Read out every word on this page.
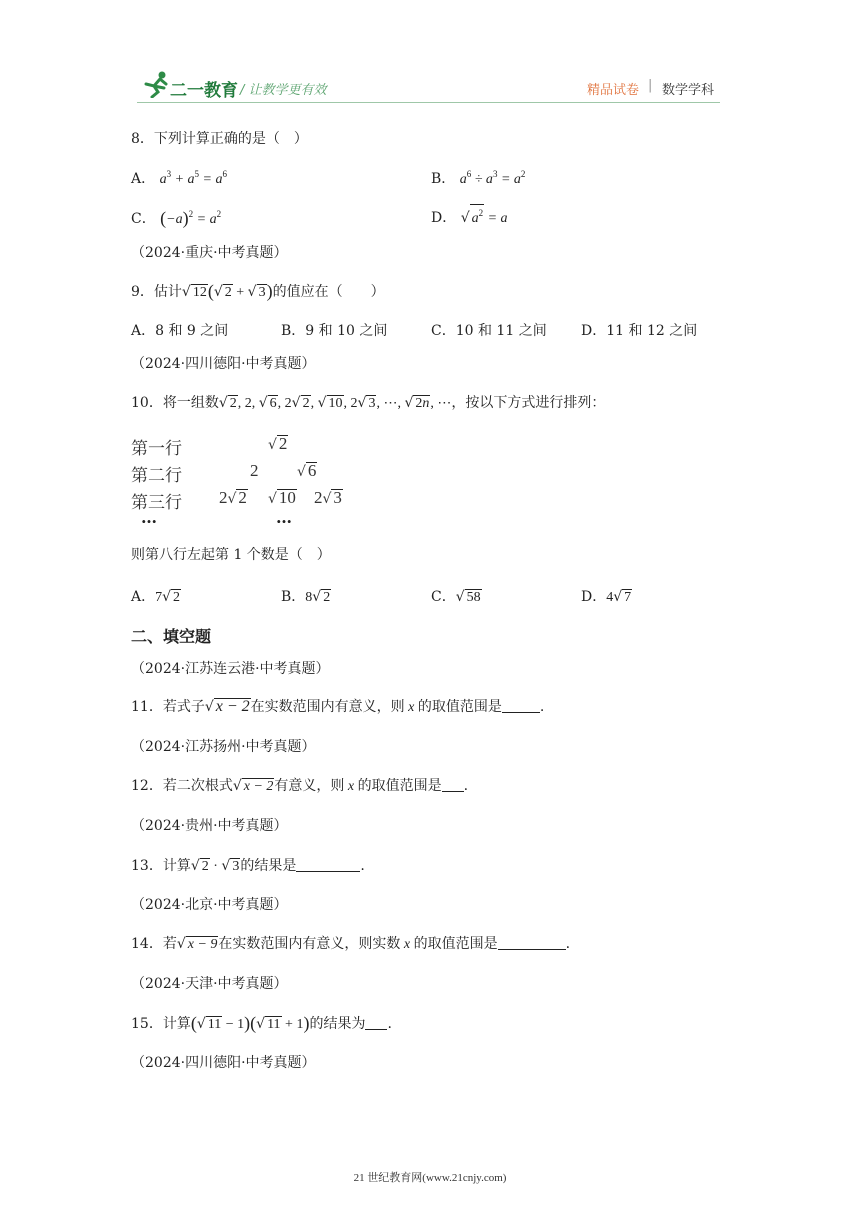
二一教育 / 让教学更有效	精品试卷 | 数学学科
8．下列计算正确的是（　）
A． $a^3 + a^5 = a^6$	B． $a^6 \div a^3 = a^2$
C． $(-a)^2 = a^2$	D． √ $a^2 = a$
（2024·重庆·中考真题）
9．估计√ 12(√ 2 + √ 3)的值应在（　　）
A．8 和 9 之间	B．9 和 10 之间	C．10 和 11 之间 D．11 和 12 之间
（2024·四川德阳·中考真题）
10．将一组数√ 2, 2, √ 6, 2√ 2, √ 10, 2√ 3, ⋯, √ 2n, ⋯，按以下方式进行排列：
第一行	√ 2
第二行	2	√ 6
第三行 2√ 2 √ 10 2√ 3
…	…
则第八行左起第 1 个数是（　）
A．7√ 2	B．8√ 2	C．√ 58	D．4√ 7
二、填空题
（2024·江苏连云港·中考真题）
11．若式子√ x − 2在实数范围内有意义，则 x 的取值范围是	.
（2024·江苏扬州·中考真题）
12．若二次根式√ x − 2有意义，则 x 的取值范围是 .
（2024·贵州·中考真题）
13．计算√ 2 · √ 3的结果是	.
（2024·北京·中考真题）
14．若√ x − 9在实数范围内有意义，则实数 x 的取值范围是	.
（2024·天津·中考真题）
15．计算(√ 11 − 1)(√ 11 + 1)的结果为 .
（2024·四川德阳·中考真题）
21 世纪教育网(www.21cnjy.com)
